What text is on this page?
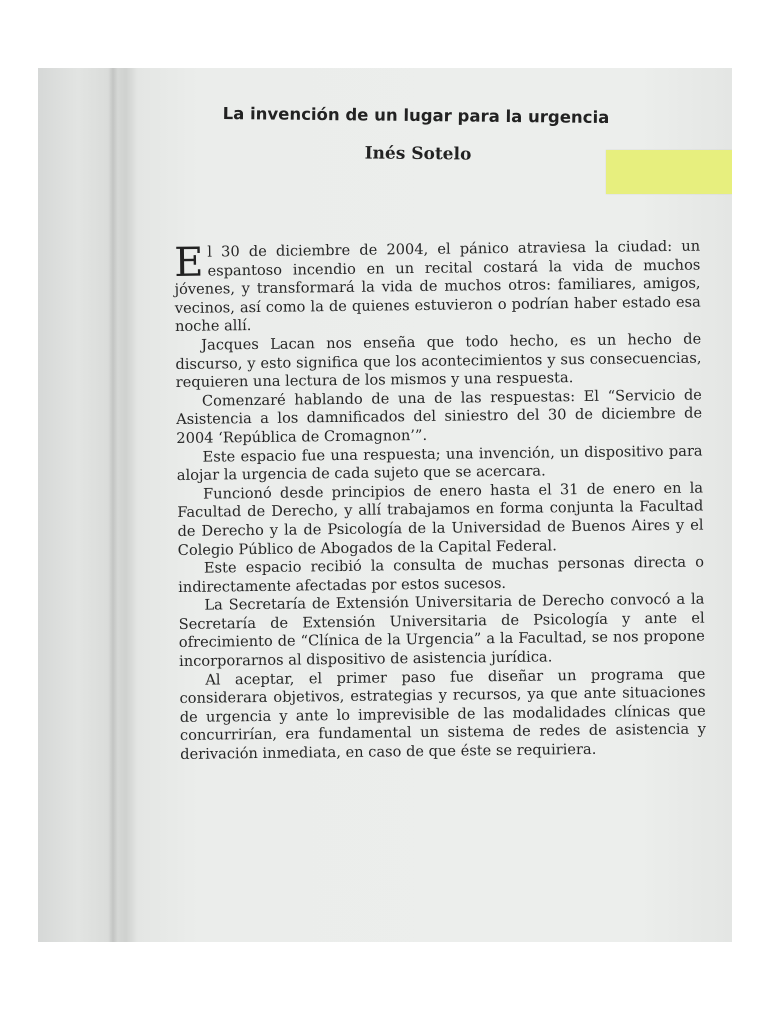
La invención de un lugar para la urgencia
Inés Sotelo

El 30 de diciembre de 2004, el pánico atraviesa la ciudad: un espantoso incendio en un recital costará la vida de muchos jóvenes, y transformará la vida de muchos otros: familiares, amigos, vecinos, así como la de quienes estuvieron o podrían haber estado esa noche allí.

Jacques Lacan nos enseña que todo hecho, es un hecho de discurso, y esto significa que los acontecimientos y sus consecuencias, requieren una lectura de los mismos y una respuesta.

Comenzaré hablando de una de las respuestas: El “Servicio de Asistencia a los damnificados del siniestro del 30 de diciembre de 2004 ‘República de Cromagnon’”.

Este espacio fue una respuesta; una invención, un dispositivo para alojar la urgencia de cada sujeto que se acercara.

Funcionó desde principios de enero hasta el 31 de enero en la Facultad de Derecho, y allí trabajamos en forma conjunta la Facultad de Derecho y la de Psicología de la Universidad de Buenos Aires y el Colegio Público de Abogados de la Capital Federal.

Este espacio recibió la consulta de muchas personas directa o indirectamente afectadas por estos sucesos.

La Secretaría de Extensión Universitaria de Derecho convocó a la Secretaría de Extensión Universitaria de Psicología y ante el ofrecimiento de “Clínica de la Urgencia” a la Facultad, se nos propone incorporarnos al dispositivo de asistencia jurídica.

Al aceptar, el primer paso fue diseñar un programa que considerara objetivos, estrategias y recursos, ya que ante situaciones de urgencia y ante lo imprevisible de las modalidades clínicas que concurrirían, era fundamental un sistema de redes de asistencia y derivación inmediata, en caso de que éste se requiriera.
